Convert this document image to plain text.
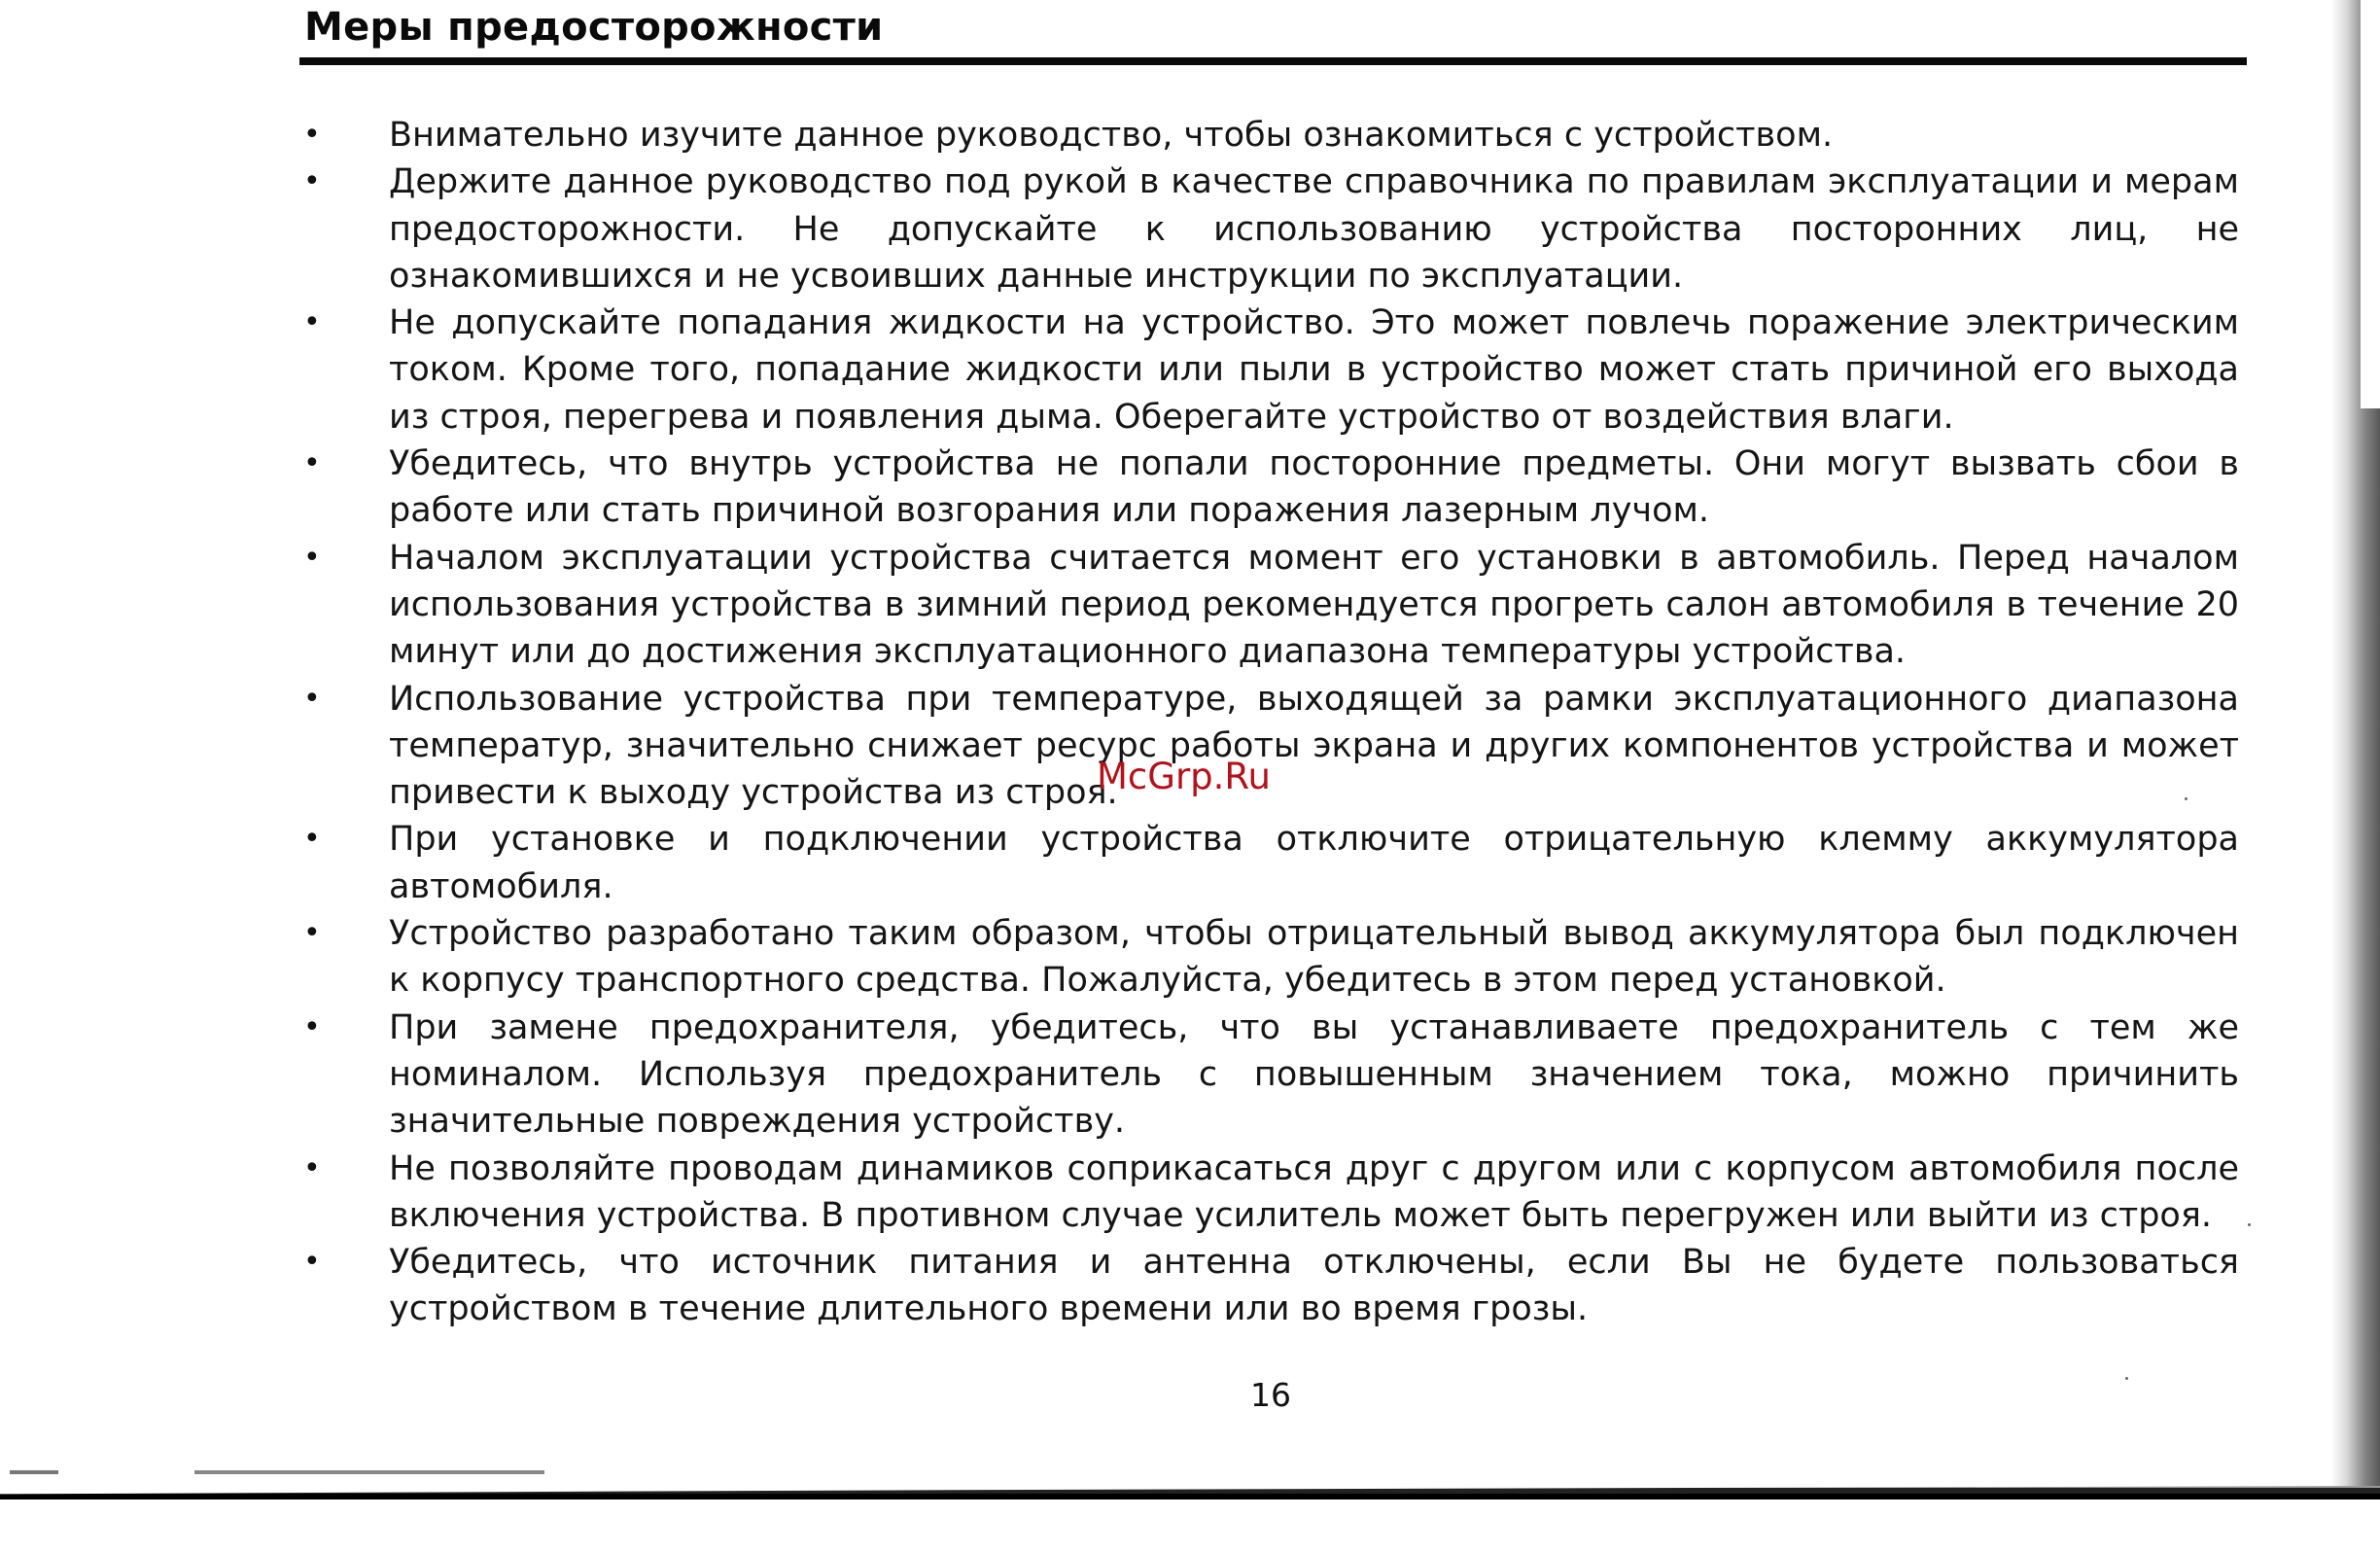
Меры предосторожности
•	Внимательно изучите данное руководство, чтобы ознакомиться с устройством.
•	Держите данное руководство под рукой в качестве справочника по правилам эксплуатации и мерам предосторожности. Не допускайте к использованию устройства посторонних лиц, не ознакомившихся и не усвоивших данные инструкции по эксплуатации.
•	Не допускайте попадания жидкости на устройство. Это может повлечь поражение электрическим током. Кроме того, попадание жидкости или пыли в устройство может стать причиной его выхода из строя, перегрева и появления дыма. Оберегайте устройство от воздействия влаги.
•	Убедитесь, что внутрь устройства не попали посторонние предметы. Они могут вызвать сбои в работе или стать причиной возгорания или поражения лазерным лучом.
•	Началом эксплуатации устройства считается момент его установки в автомобиль. Перед началом использования устройства в зимний период рекомендуется прогреть салон автомобиля в течение 20 минут или до достижения эксплуатационного диапазона температуры устройства.
•	Использование устройства при температуре, выходящей за рамки эксплуатационного диапазона температур, значительно снижает ресурс работы экрана и других компонентов устройства и может привести к выходу устройства из строя.
•	При установке и подключении устройства отключите отрицательную клемму аккумулятора автомобиля.
•	Устройство разработано таким образом, чтобы отрицательный вывод аккумулятора был подключен к корпусу транспортного средства. Пожалуйста, убедитесь в этом перед установкой.
•	При замене предохранителя, убедитесь, что вы устанавливаете предохранитель с тем же номиналом. Используя предохранитель с повышенным значением тока, можно причинить значительные повреждения устройству.
•	Не позволяйте проводам динамиков соприкасаться друг с другом или с корпусом автомобиля после включения устройства. В противном случае усилитель может быть перегружен или выйти из строя.
•	Убедитесь, что источник питания и антенна отключены, если Вы не будете пользоваться устройством в течение длительного времени или во время грозы.
McGrp.Ru
16
